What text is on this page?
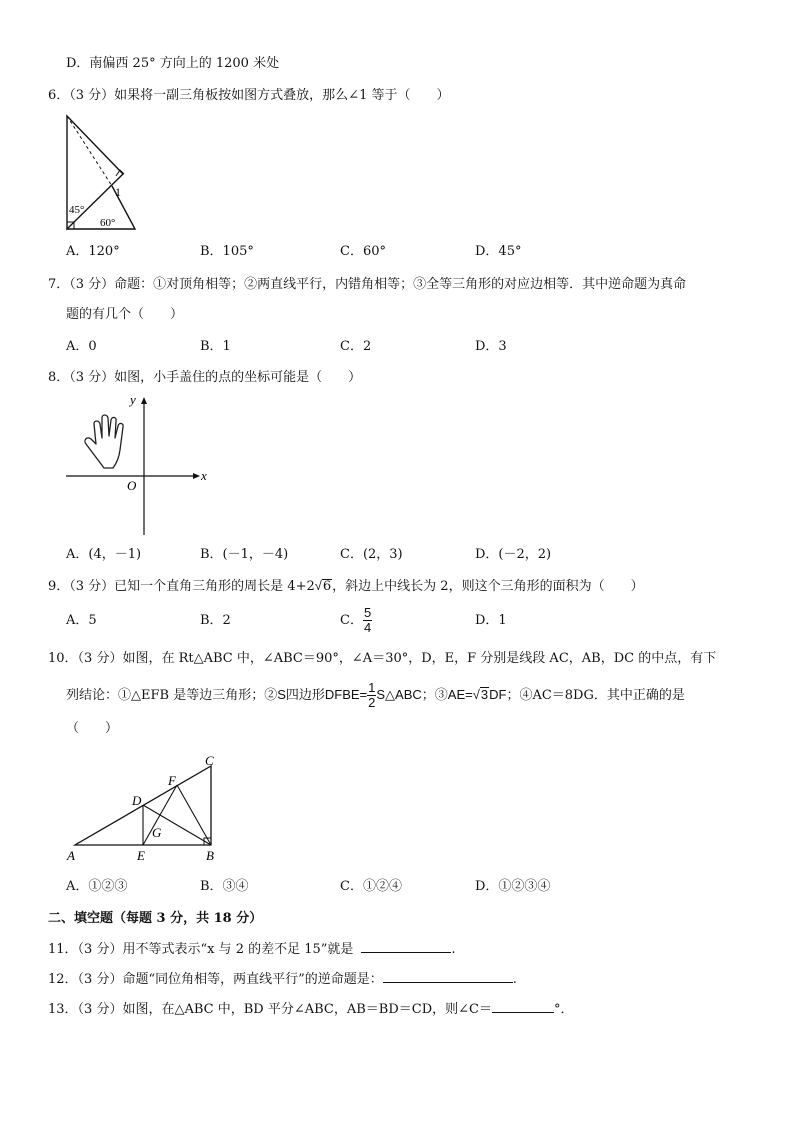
D．南偏西 25° 方向上的 1200 米处
6．（3 分）如果将一副三角板按如图方式叠放，那么∠1 等于（　　）
1
45°
60°
A．120°	B．105°	C．60°	D．45°
7．（3 分）命题：①对顶角相等；②两直线平行，内错角相等；③全等三角形的对应边相等．其中逆命题为真命
题的有几个（　　）
A．0	B．1	C．2	D．3
8．（3 分）如图，小手盖住的点的坐标可能是（　　）
y
x
O
A．(4，－1)	B．(－1，－4)	C．(2，3)	D．(－2，2)
9．（3 分）已知一个直角三角形的周长是 4+2√6，斜边上中线长为 2，则这个三角形的面积为（　　）
A．5	B．2	C． $\frac{5}{4}$	D．1
10．（3 分）如图，在 Rt△ABC 中，∠ABC＝90°，∠A＝30°，D，E，F 分别是线段 AC，AB，DC 的中点，有下
列结论：①△EFB 是等边三角形；②S四边形DFBE= $\frac{1}{2}$ S△ABC；③AE=√3DF；④AC＝8DG．其中正确的是
（　　）
A	E	B
C
D
F
G
A．①②③	B．③④	C．①②④	D．①②③④
二、填空题（每题 3 分，共 18 分）
11．（3 分）用不等式表示“x 与 2 的差不足 15”就是	.
12．（3 分）命题“同位角相等，两直线平行”的逆命题是：	.
13．（3 分）如图，在△ABC 中，BD 平分∠ABC，AB＝BD＝CD，则∠C＝	°．
